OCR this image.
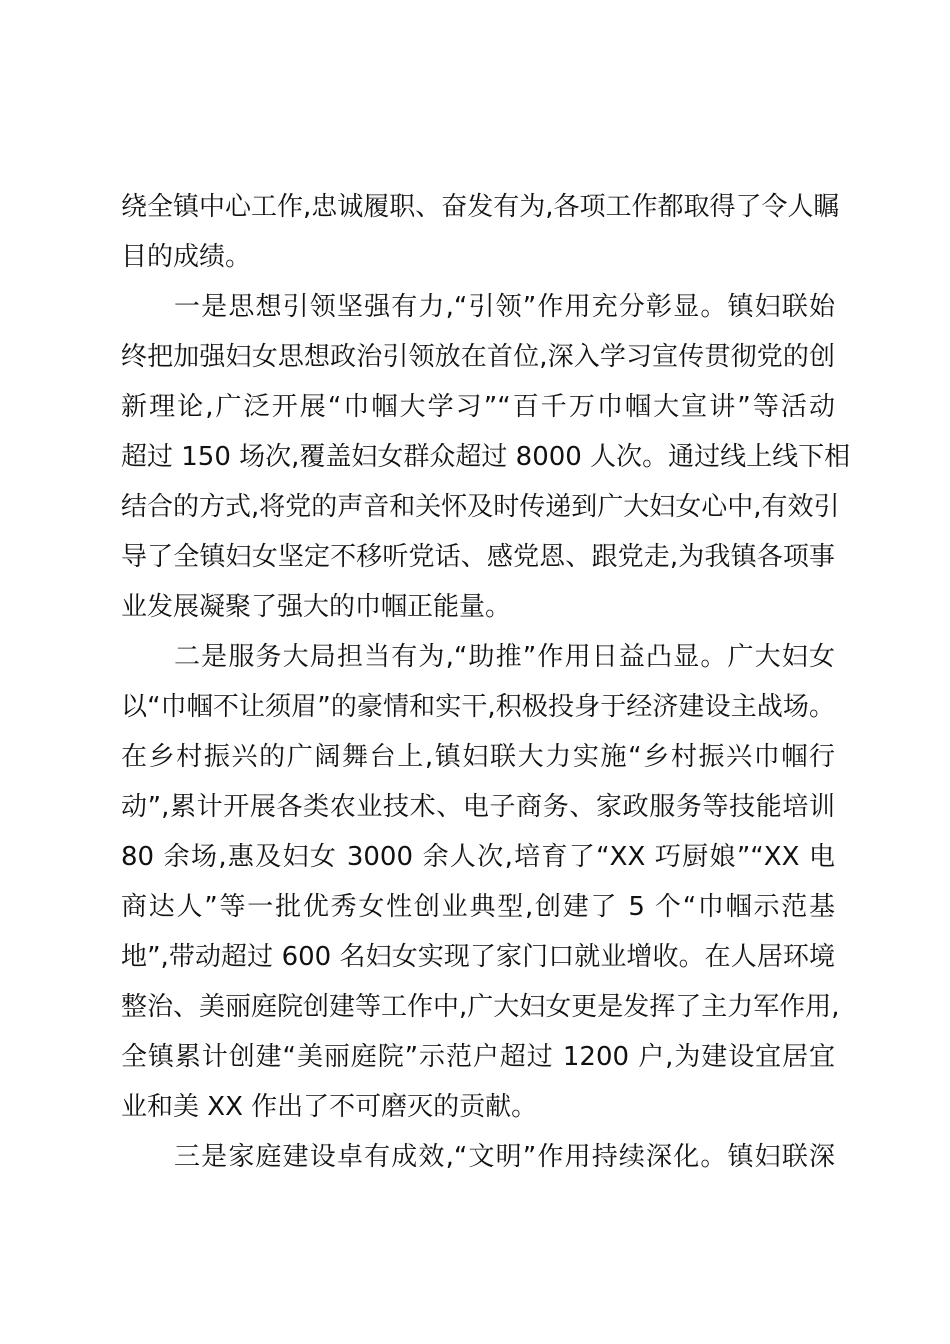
绕全镇中心工作,忠诚履职、奋发有为,各项工作都取得了令人瞩
目的成绩。
一是思想引领坚强有力,“引领”作用充分彰显。镇妇联始
终把加强妇女思想政治引领放在首位,深入学习宣传贯彻党的创
新理论,广泛开展“巾帼大学习”“百千万巾帼大宣讲”等活动
超过 150 场次,覆盖妇女群众超过 8000 人次。通过线上线下相
结合的方式,将党的声音和关怀及时传递到广大妇女心中,有效引
导了全镇妇女坚定不移听党话、感党恩、跟党走,为我镇各项事
业发展凝聚了强大的巾帼正能量。
二是服务大局担当有为,“助推”作用日益凸显。广大妇女
以“巾帼不让须眉”的豪情和实干,积极投身于经济建设主战场。
在乡村振兴的广阔舞台上,镇妇联大力实施“乡村振兴巾帼行
动”,累计开展各类农业技术、电子商务、家政服务等技能培训
80 余场,惠及妇女 3000 余人次,培育了“XX 巧厨娘”“XX 电
商达人”等一批优秀女性创业典型,创建了 5 个“巾帼示范基
地”,带动超过 600 名妇女实现了家门口就业增收。在人居环境
整治、美丽庭院创建等工作中,广大妇女更是发挥了主力军作用,
全镇累计创建“美丽庭院”示范户超过 1200 户,为建设宜居宜
业和美 XX 作出了不可磨灭的贡献。
三是家庭建设卓有成效,“文明”作用持续深化。镇妇联深
